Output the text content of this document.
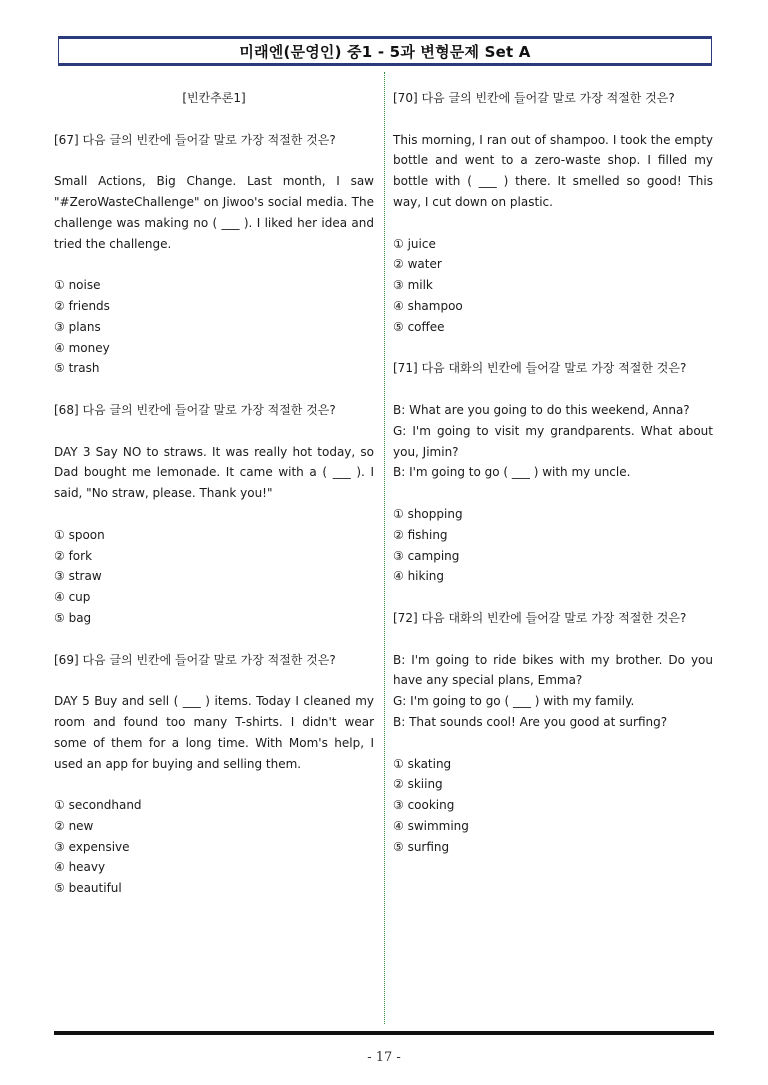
미래엔(문영인) 중1 - 5과 변형문제 Set A
[빈칸추론1]
[67] 다음 글의 빈칸에 들어갈 말로 가장 적절한 것은?
Small Actions, Big Change. Last month, I saw "#ZeroWasteChallenge" on Jiwoo's social media. The challenge was making no ( ___ ). I liked her idea and tried the challenge.
① noise
② friends
③ plans
④ money
⑤ trash
[68] 다음 글의 빈칸에 들어갈 말로 가장 적절한 것은?
DAY 3 Say NO to straws. It was really hot today, so Dad bought me lemonade. It came with a ( ___ ). I said, "No straw, please. Thank you!"
① spoon
② fork
③ straw
④ cup
⑤ bag
[69] 다음 글의 빈칸에 들어갈 말로 가장 적절한 것은?
DAY 5 Buy and sell ( ___ ) items. Today I cleaned my room and found too many T-shirts. I didn't wear some of them for a long time. With Mom's help, I used an app for buying and selling them.
① secondhand
② new
③ expensive
④ heavy
⑤ beautiful
[70] 다음 글의 빈칸에 들어갈 말로 가장 적절한 것은?
This morning, I ran out of shampoo. I took the empty bottle and went to a zero-waste shop. I filled my bottle with ( ___ ) there. It smelled so good! This way, I cut down on plastic.
① juice
② water
③ milk
④ shampoo
⑤ coffee
[71] 다음 대화의 빈칸에 들어갈 말로 가장 적절한 것은?
B: What are you going to do this weekend, Anna?
G: I'm going to visit my grandparents. What about you, Jimin?
B: I'm going to go ( ___ ) with my uncle.
① shopping
② fishing
③ camping
④ hiking
[72] 다음 대화의 빈칸에 들어갈 말로 가장 적절한 것은?
B: I'm going to ride bikes with my brother. Do you have any special plans, Emma?
G: I'm going to go ( ___ ) with my family.
B: That sounds cool! Are you good at surfing?
① skating
② skiing
③ cooking
④ swimming
⑤ surfing
- 17 -
